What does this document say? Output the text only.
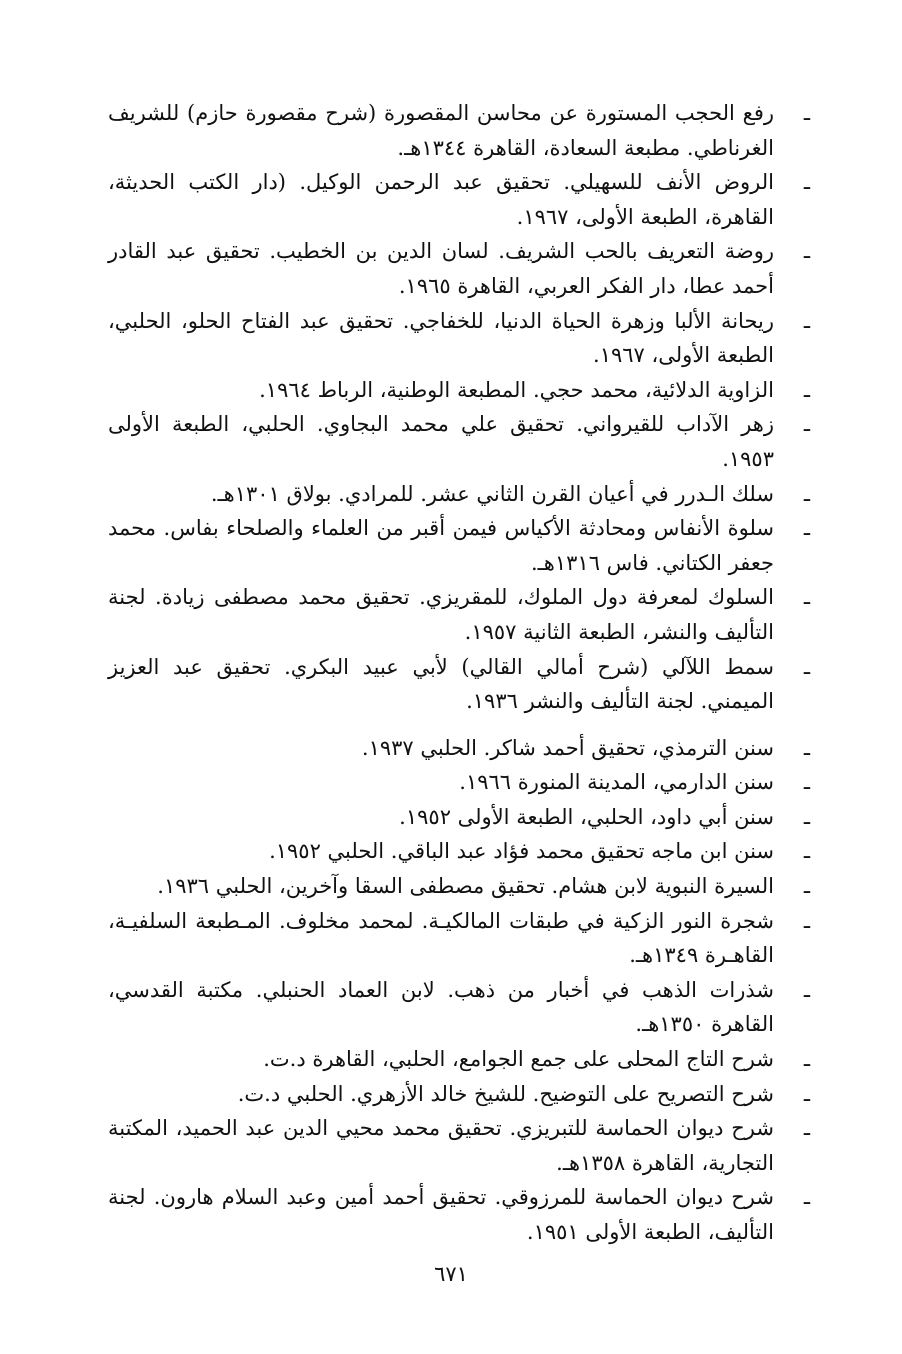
ـ
رفع الحجب المستورة عن محاسن المقصورة (شرح مقصورة حازم) للشريف الغرناطي. مطبعة السعادة، القاهرة ١٣٤٤هـ.
ـ
الروض الأنف للسهيلي. تحقيق عبد الرحمن الوكيل. (دار الكتب الحديثة، القاهرة، الطبعة الأولى، ١٩٦٧.
ـ
روضة التعريف بالحب الشريف. لسان الدين بن الخطيب. تحقيق عبد القادر أحمد عطا، دار الفكر العربي، القاهرة ١٩٦٥.
ـ
ريحانة الألبا وزهرة الحياة الدنيا، للخفاجي. تحقيق عبد الفتاح الحلو، الحلبي، الطبعة الأولى، ١٩٦٧.
ـ
الزاوية الدلائية، محمد حجي. المطبعة الوطنية، الرباط ١٩٦٤.
ـ
زهر الآداب للقيرواني. تحقيق علي محمد البجاوي. الحلبي، الطبعة الأولى ١٩٥٣.
ـ
سلك الـدرر في أعيان القرن الثاني عشر. للمرادي. بولاق ١٣٠١هـ.
ـ
سلوة الأنفاس ومحادثة الأكياس فيمن أقبر من العلماء والصلحاء بفاس. محمد جعفر الكتاني. فاس ١٣١٦هـ.
ـ
السلوك لمعرفة دول الملوك، للمقريزي. تحقيق محمد مصطفى زيادة. لجنة التأليف والنشر، الطبعة الثانية ١٩٥٧.
ـ
سمط اللآلي (شرح أمالي القالي) لأبي عبيد البكري. تحقيق عبد العزيز الميمني. لجنة التأليف والنشر ١٩٣٦.
ـ
سنن الترمذي، تحقيق أحمد شاكر. الحلبي ١٩٣٧.
ـ
سنن الدارمي، المدينة المنورة ١٩٦٦.
ـ
سنن أبي داود، الحلبي، الطبعة الأولى ١٩٥٢.
ـ
سنن ابن ماجه تحقيق محمد فؤاد عبد الباقي. الحلبي ١٩٥٢.
ـ
السيرة النبوية لابن هشام. تحقيق مصطفى السقا وآخرين، الحلبي ١٩٣٦.
ـ
شجرة النور الزكية في طبقات المالكيـة. لمحمد مخلوف. المـطبعة السلفيـة، القاهـرة ١٣٤٩هـ.
ـ
شذرات الذهب في أخبار من ذهب. لابن العماد الحنبلي. مكتبة القدسي، القاهرة ١٣٥٠هـ.
ـ
شرح التاج المحلى على جمع الجوامع، الحلبي، القاهرة د.ت.
ـ
شرح التصريح على التوضيح. للشيخ خالد الأزهري. الحلبي د.ت.
ـ
شرح ديوان الحماسة للتبريزي. تحقيق محمد محيي الدين عبد الحميد، المكتبة التجارية، القاهرة ١٣٥٨هـ.
ـ
شرح ديوان الحماسة للمرزوقي. تحقيق أحمد أمين وعبد السلام هارون. لجنة التأليف، الطبعة الأولى ١٩٥١.
٦٧١
